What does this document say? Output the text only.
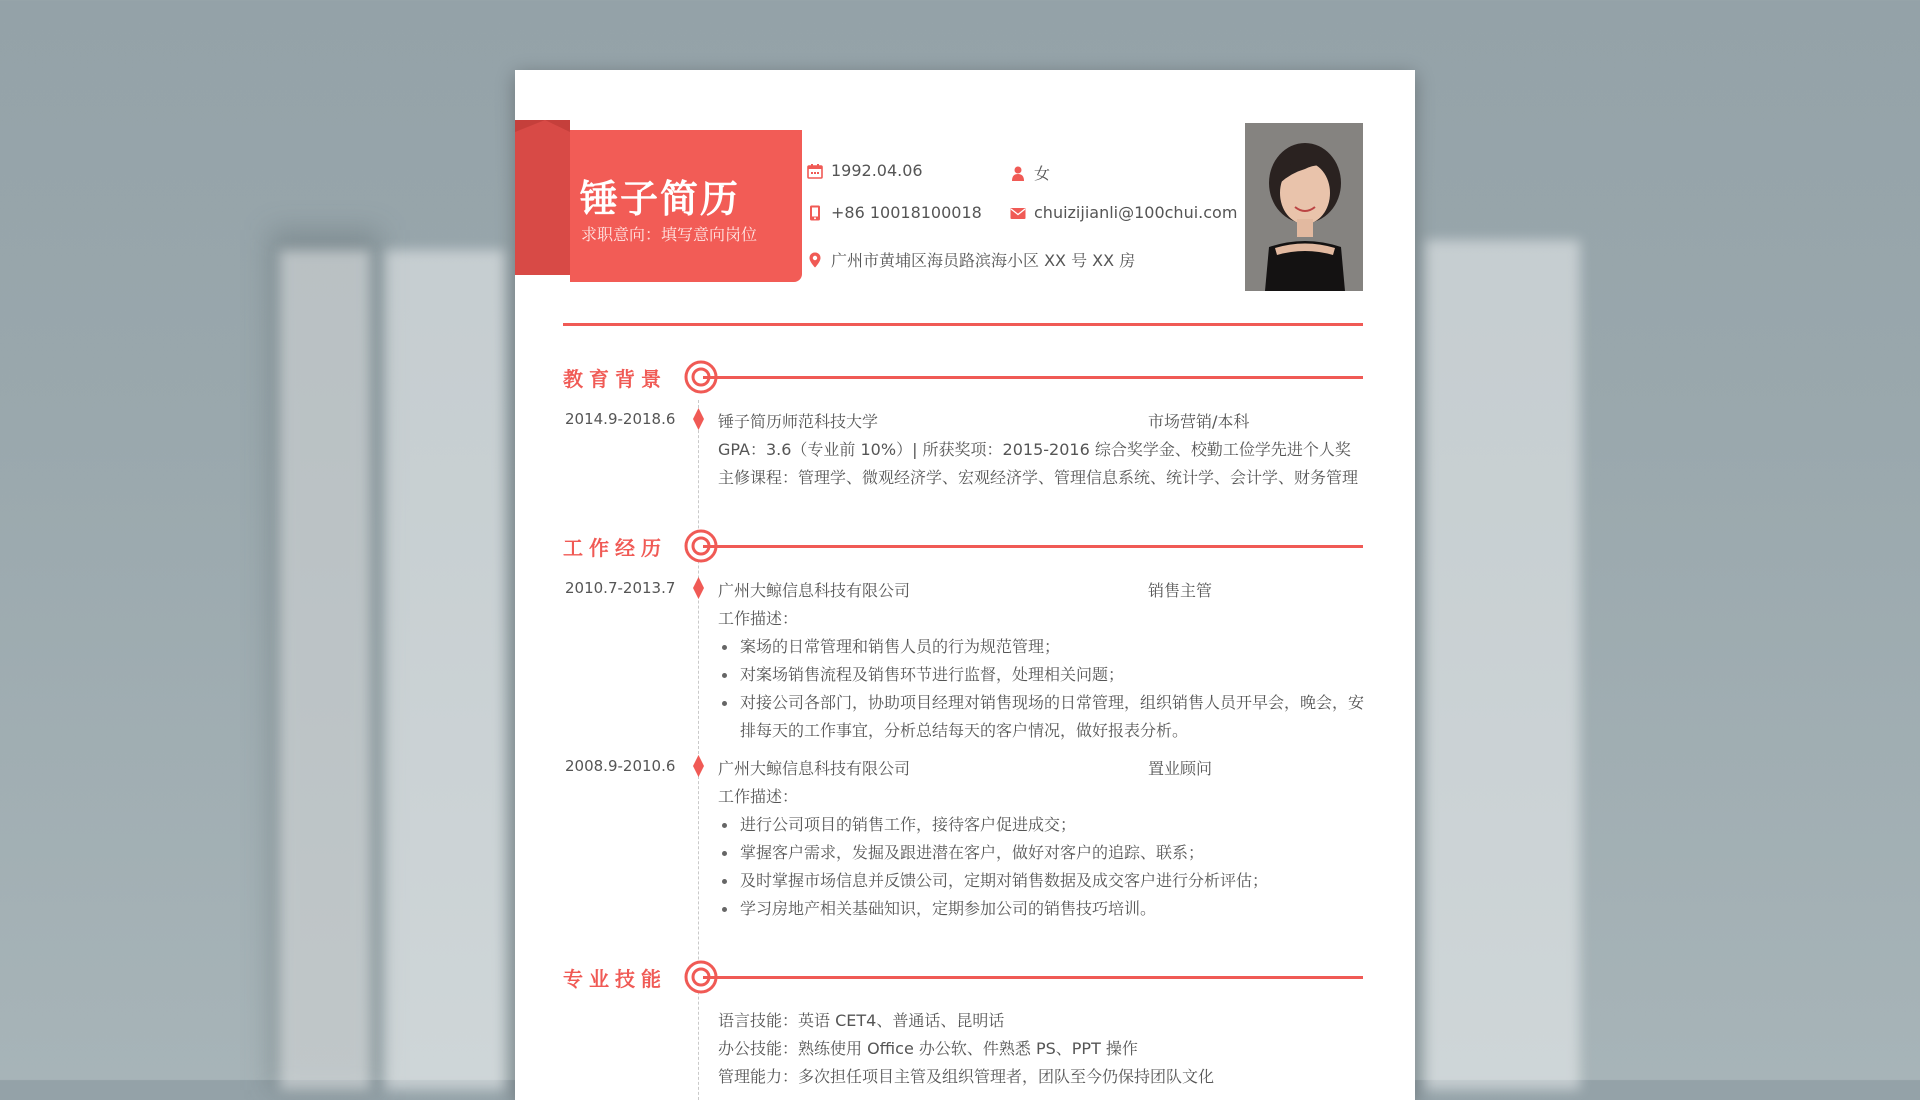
锤子简历
求职意向：填写意向岗位
1992.04.06	女
+86 10018100018	chuizijianli@100chui.com
广州市黄埔区海员路滨海小区 XX 号 XX 房
教育背景
2014.9-2018.6	锤子简历师范科技大学	市场营销/本科
GPA：3.6（专业前 10%）| 所获奖项：2015-2016 综合奖学金、校勤工俭学先进个人奖
主修课程：管理学、微观经济学、宏观经济学、管理信息系统、统计学、会计学、财务管理
工作经历
2010.7-2013.7	广州大鲸信息科技有限公司	销售主管
工作描述：
案场的日常管理和销售人员的行为规范管理；
对案场销售流程及销售环节进行监督，处理相关问题；
对接公司各部门，协助项目经理对销售现场的日常管理，组织销售人员开早会，晚会，安
排每天的工作事宜，分析总结每天的客户情况，做好报表分析。
2008.9-2010.6	广州大鲸信息科技有限公司	置业顾问
工作描述：
进行公司项目的销售工作，接待客户促进成交；
掌握客户需求，发掘及跟进潜在客户，做好对客户的追踪、联系；
及时掌握市场信息并反馈公司，定期对销售数据及成交客户进行分析评估；
学习房地产相关基础知识，定期参加公司的销售技巧培训。
专业技能
语言技能：英语 CET4、普通话、昆明话
办公技能：熟练使用 Office 办公软、件熟悉 PS、PPT 操作
管理能力：多次担任项目主管及组织管理者，团队至今仍保持团队文化
